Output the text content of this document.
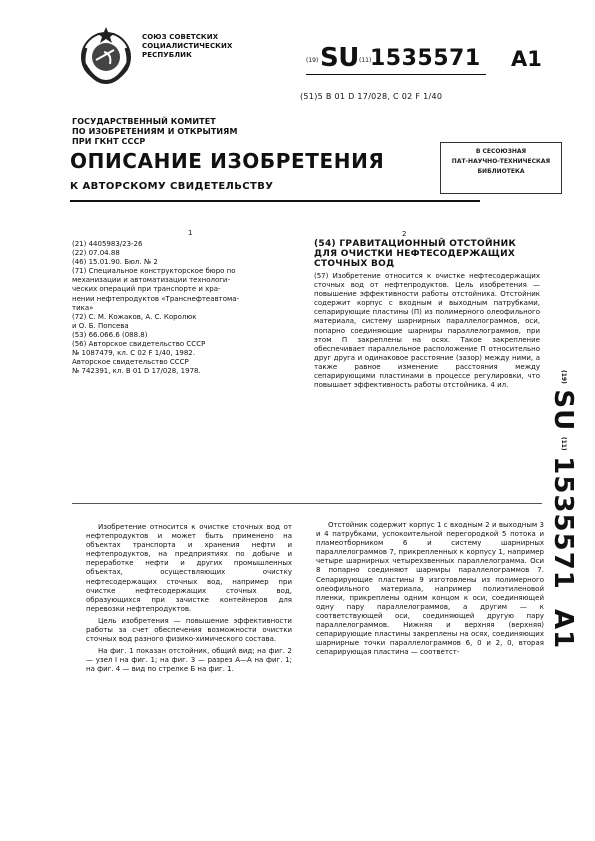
СОЮЗ СОВЕТСКИХ
СОЦИАЛИСТИЧЕСКИХ
РЕСПУБЛИК
(19) SU (11)
1535571 A1
(51)5 B 01 D 17/028, C 02 F 1/40
ГОСУДАРСТВЕННЫЙ КОМИТЕТ
ПО ИЗОБРЕТЕНИЯМ И ОТКРЫТИЯМ
ПРИ ГКНТ СССР
В СЕСОЮЗНАЯ
ПАТ-НАУЧНО-ТЕХНИЧЕСКАЯ
БИБЛИОТЕКА
ОПИСАНИЕ ИЗОБРЕТЕНИЯ
К АВТОРСКОМУ СВИДЕТЕЛЬСТВУ
1	2
(21) 4405983/23-26
(22) 07.04.88
(46) 15.01.90. Бюл. № 2
(71) Специальное конструкторское бюро по
механизации и автоматизации технологи-
ческих операций при транспорте и хра-
нении нефтепродуктов «Транснефтеавтома-
тика»
(72) С. М. Кожаков, А. С. Королюк
и О. Б. Попсева
(53) 66.066.6 (088.8)
(56) Авторское свидетельство СССР
№ 1087479, кл. C 02 F 1/40, 1982.
Авторское свидетельство СССР
№ 742391, кл. B 01 D 17/028, 1978.
(54) ГРАВИТАЦИОННЫЙ ОТСТОЙНИК
ДЛЯ ОЧИСТКИ НЕФТЕСОДЕРЖАЩИХ
СТОЧНЫХ ВОД
(57) Изобретение относится к очистке нефтесодержащих сточных вод от нефтепродуктов. Цель изобретения — повышение эффективности работы отстойника. Отстойник содержит корпус с входным и выходным патрубками, сепарирующие пластины (П) из полимерного олеофильного материала, систему шарнирных параллелограммов, оси, попарно соединяющие шарниры параллелограммов, при этом П закреплены на осях. Такое закрепление обеспечивает параллельное расположение П относительно друг друга и одинаковое расстояние (зазор) между ними, а также равное изменение расстояния между сепарирующими пластинами в процессе регулировки, что повышает эффективность работы отстойника. 4 ил.
(19) SU (11) 1535571 A1
Изобретение относится к очистке сточных вод от нефтепродуктов и может быть применено на объектах транспорта и хранения нефти и нефтепродуктов, на предприятиях по добыче и переработке нефти и других промышленных объектах, осуществляющих очистку нефтесодержащих сточных вод, например при очистке нефтесодержащих сточных вод, образующихся при зачистке контейнеров для перевозки нефтепродуктов.
Цель изобретения — повышение эффективности работы за счет обеспечения возможности очистки сточных вод разного физико-химического состава.
На фиг. 1 показан отстойник, общий вид; на фиг. 2 — узел I на фиг. 1; на фиг. 3 — разрез А—А на фиг. 1; на фиг. 4 — вид по стрелке Б на фиг. 1.
Отстойник содержит корпус 1 с входным 2 и выходным 3 и 4 патрубками, успокоительной перегородкой 5 потока и пламеотборником 6 и систему шарнирных параллелограммов 7, прикрепленных к корпусу 1, например четыре шарнирных четырехзвенных параллелограмма. Оси 8 попарно соединяют шарниры параллелограммов 7. Сепарирующие пластины 9 изготовлены из полимерного олеофильного материала, например полиэтиленовой пленки, прикреплены одним концом к оси, соединяющей одну пару параллелограммов, а другим — к соответствующей оси, соединяющей другую пару параллелограммов. Нижняя и верхняя (верхняя) сепарирующие пластины закреплены на осях, соединяющих шарнирные точки параллелограммов 6, 0 и 2, 0, вторая сепарирующая пластина — соответст-
